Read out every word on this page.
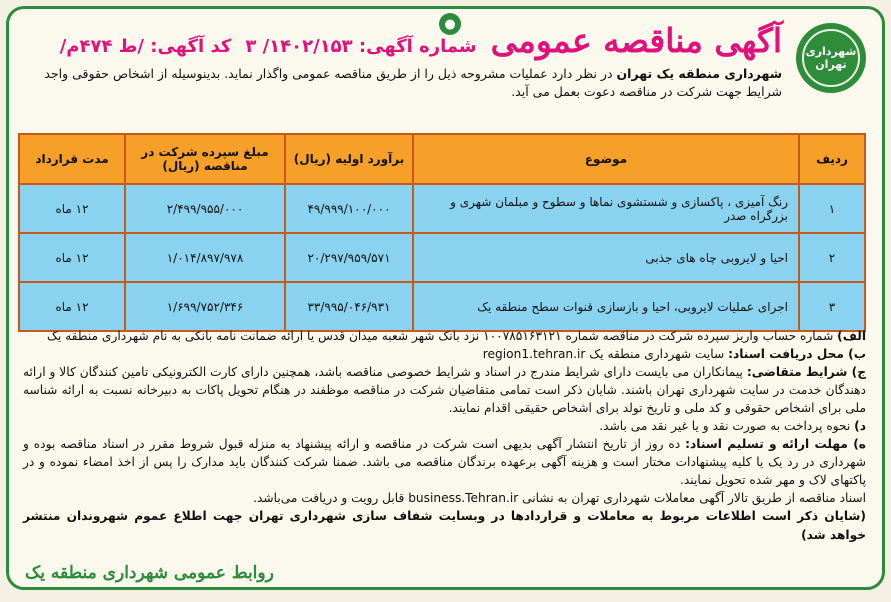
●
شهرداری تهران
آگهی مناقصه عمومی
شماره آگهی: ۱۴۰۲/۱۵۳/ ۳
کد آگهی: /ط ۴۷۴م/
شهرداری منطقه یک تهران در نظر دارد عملیات مشروحه ذیل را از طریق مناقصه عمومی واگذار نماید. بدینوسیله از اشخاص حقوقی واجد شرایط جهت شرکت در مناقصه دعوت بعمل می آید.
ردیف	موضوع	برآورد اولیه (ریال)	مبلغ سپرده شرکت در مناقصه (ریال)	مدت قرارداد
۱	رنگ آمیزی ، پاکسازی و شستشوی نماها و سطوح و مبلمان شهری و بزرگراه صدر	۴۹/۹۹۹/۱۰۰/۰۰۰	۲/۴۹۹/۹۵۵/۰۰۰	۱۲ ماه
۲	احیا و لایروبی چاه های جذبی	۲۰/۲۹۷/۹۵۹/۵۷۱	۱/۰۱۴/۸۹۷/۹۷۸	۱۲ ماه
۳	اجرای عملیات لایروبی، احیا و بازسازی قنوات سطح منطقه یک	۳۳/۹۹۵/۰۴۶/۹۳۱	۱/۶۹۹/۷۵۲/۳۴۶	۱۲ ماه

الف) شماره حساب واریز سپرده شرکت در مناقصه شماره ۱۰۰۷۸۵۱۶۳۱۲۱ نزد بانک شهر شعبه میدان قدس یا ارائه ضمانت نامه بانکی به نام شهرداری منطقه یک

ب) محل دریافت اسناد: سایت شهرداری منطقه یک region1.tehran.ir

ج) شرایط متقاضی: پیمانکاران می بایست دارای شرایط مندرج در اسناد و شرایط خصوصی مناقصه باشد، همچنین دارای کارت الکترونیکی تامین کنندگان کالا و ارائه دهندگان خدمت در سایت شهرداری تهران باشند. شایان ذکر است تمامی متقاضیان شرکت در مناقصه موظفند در هنگام تحویل پاکات به دبیرخانه نسبت به ارائه شناسه ملی برای اشخاص حقوقی و کد ملی و تاریخ تولد برای اشخاص حقیقی اقدام نمایند.

د) نحوه پرداخت به صورت نقد و یا غیر نقد می باشد.

ه) مهلت ارائه و تسلیم اسناد: ده روز از تاریخ انتشار آگهی بدیهی است شرکت در مناقصه و ارائه پیشنهاد به منزله قبول شروط مقرر در اسناد مناقصه بوده و شهرداری در رد یک یا کلیه پیشنهادات مختار است و هزینه آگهی برعهده برندگان مناقصه می باشد. ضمنا شرکت کنندگان باید مدارک را پس از اخذ امضاء نموده و در پاکتهای لاک و مهر شده تحویل نمایند.

اسناد مناقصه از طریق تالار آگهی معاملات شهرداری تهران به نشانی business.Tehran.ir قابل رویت و دریافت می‌باشد.

(شایان ذکر است اطلاعات مربوط به معاملات و قراردادها در وبسایت شفاف سازی شهرداری تهران جهت اطلاع عموم شهروندان منتشر خواهد شد)

روابط عمومی شهرداری منطقه یک
